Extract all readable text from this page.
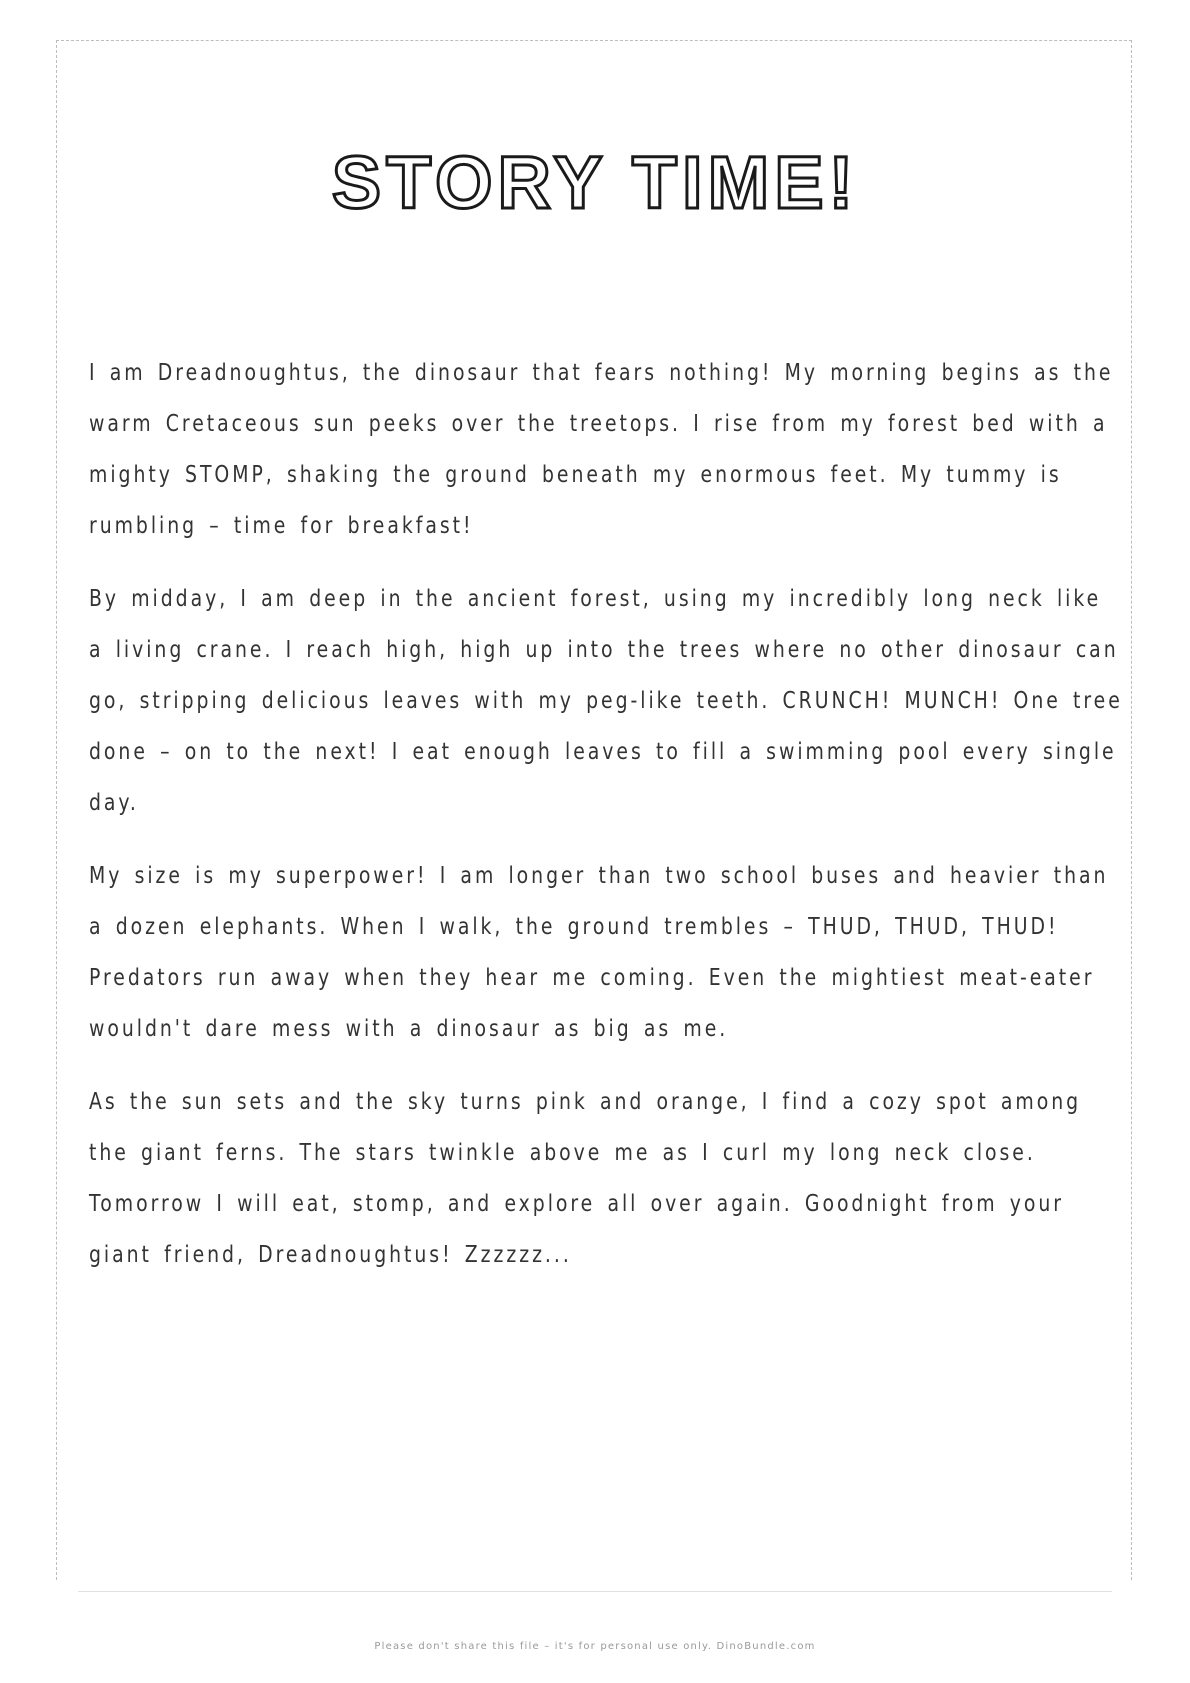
STORY TIME!

I am Dreadnoughtus, the dinosaur that fears nothing! My morning begins as the warm Cretaceous sun peeks over the treetops. I rise from my forest bed with a mighty STOMP, shaking the ground beneath my enormous feet. My tummy is rumbling – time for breakfast!

By midday, I am deep in the ancient forest, using my incredibly long neck like a living crane. I reach high, high up into the trees where no other dinosaur can go, stripping delicious leaves with my peg-like teeth. CRUNCH! MUNCH! One tree done – on to the next! I eat enough leaves to fill a swimming pool every single day.

My size is my superpower! I am longer than two school buses and heavier than a dozen elephants. When I walk, the ground trembles – THUD, THUD, THUD! Predators run away when they hear me coming. Even the mightiest meat-eater wouldn't dare mess with a dinosaur as big as me.

As the sun sets and the sky turns pink and orange, I find a cozy spot among the giant ferns. The stars twinkle above me as I curl my long neck close. Tomorrow I will eat, stomp, and explore all over again. Goodnight from your giant friend, Dreadnoughtus! Zzzzzz...

Please don't share this file – it's for personal use only. DinoBundle.com
